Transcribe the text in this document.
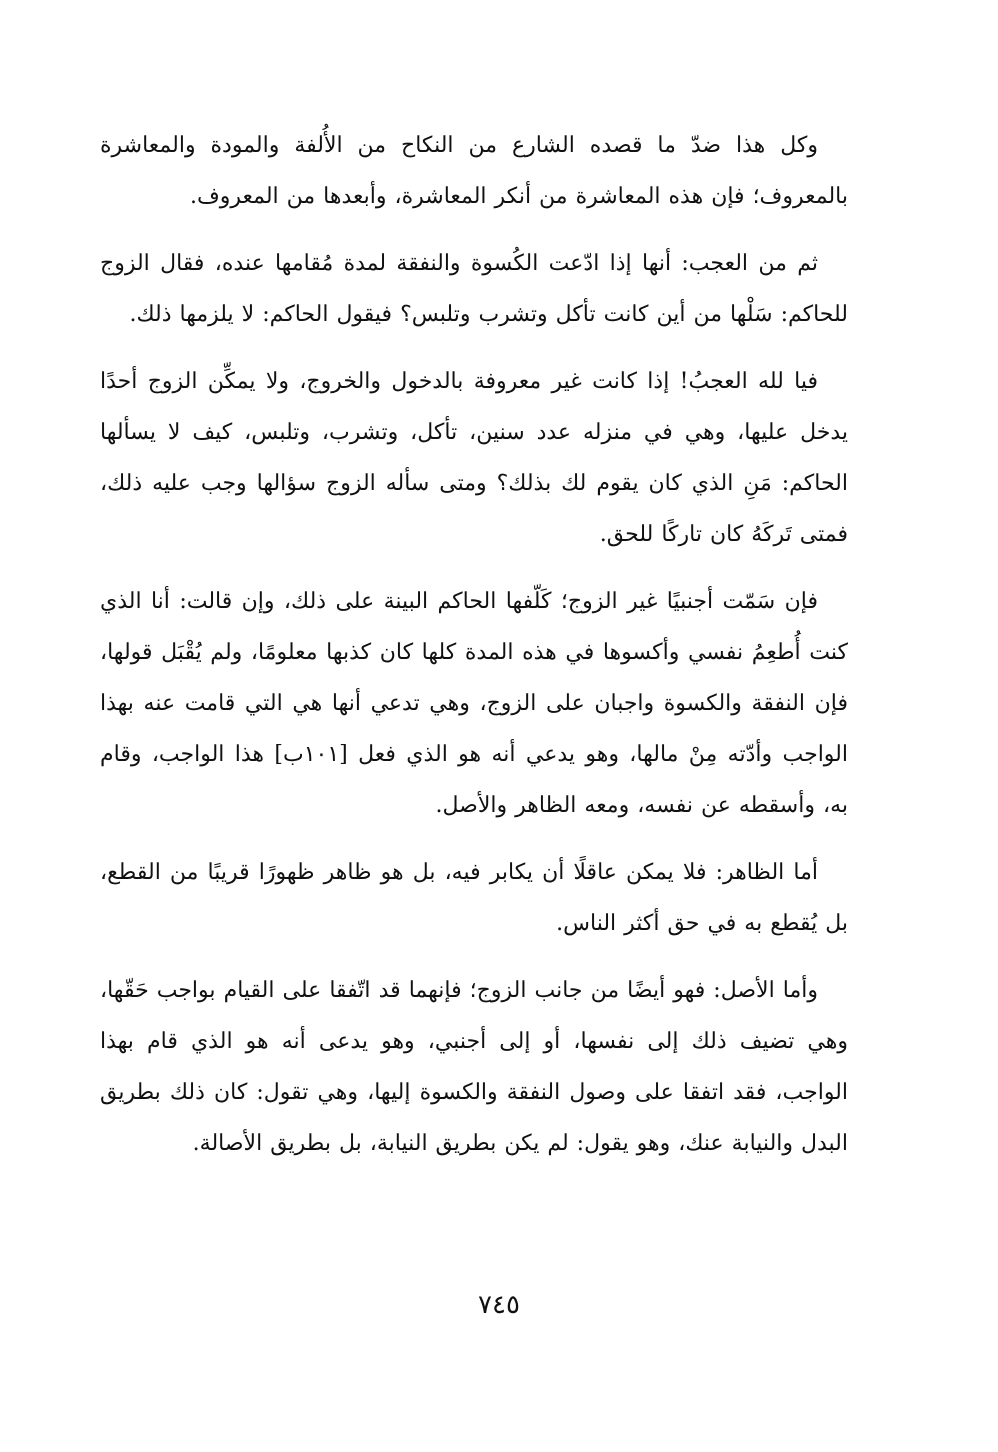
وكل هذا ضدّ ما قصده الشارع من النكاح من الأُلفة والمودة والمعاشرة بالمعروف؛ فإن هذه المعاشرة من أنكر المعاشرة، وأبعدها من المعروف.

ثم من العجب: أنها إذا ادّعت الكُسوة والنفقة لمدة مُقامها عنده، فقال الزوج للحاكم: سَلْها من أين كانت تأكل وتشرب وتلبس؟ فيقول الحاكم: لا يلزمها ذلك.

فيا لله العجبُ! إذا كانت غير معروفة بالدخول والخروج، ولا يمكِّن الزوج أحدًا يدخل عليها، وهي في منزله عدد سنين، تأكل، وتشرب، وتلبس، كيف لا يسألها الحاكم: مَنِ الذي كان يقوم لك بذلك؟ ومتى سأله الزوج سؤالها وجب عليه ذلك، فمتى تَركَهُ كان تاركًا للحق.

فإن سَمّت أجنبيًا غير الزوج؛ كَلّفها الحاكم البينة على ذلك، وإن قالت: أنا الذي كنت أُطعِمُ نفسي وأكسوها في هذه المدة كلها كان كذبها معلومًا، ولم يُقْبَل قولها، فإن النفقة والكسوة واجبان على الزوج، وهي تدعي أنها هي التي قامت عنه بهذا الواجب وأدّته مِنْ مالها، وهو يدعي أنه هو الذي فعل [١٠١ب] هذا الواجب، وقام به، وأسقطه عن نفسه، ومعه الظاهر والأصل.

أما الظاهر: فلا يمكن عاقلًا أن يكابر فيه، بل هو ظاهر ظهورًا قريبًا من القطع، بل يُقطع به في حق أكثر الناس.

وأما الأصل: فهو أيضًا من جانب الزوج؛ فإنهما قد اتّفقا على القيام بواجب حَقّها، وهي تضيف ذلك إلى نفسها، أو إلى أجنبي، وهو يدعى أنه هو الذي قام بهذا الواجب، فقد اتفقا على وصول النفقة والكسوة إليها، وهي تقول: كان ذلك بطريق البدل والنيابة عنك، وهو يقول: لم يكن بطريق النيابة، بل بطريق الأصالة.

٧٤٥
